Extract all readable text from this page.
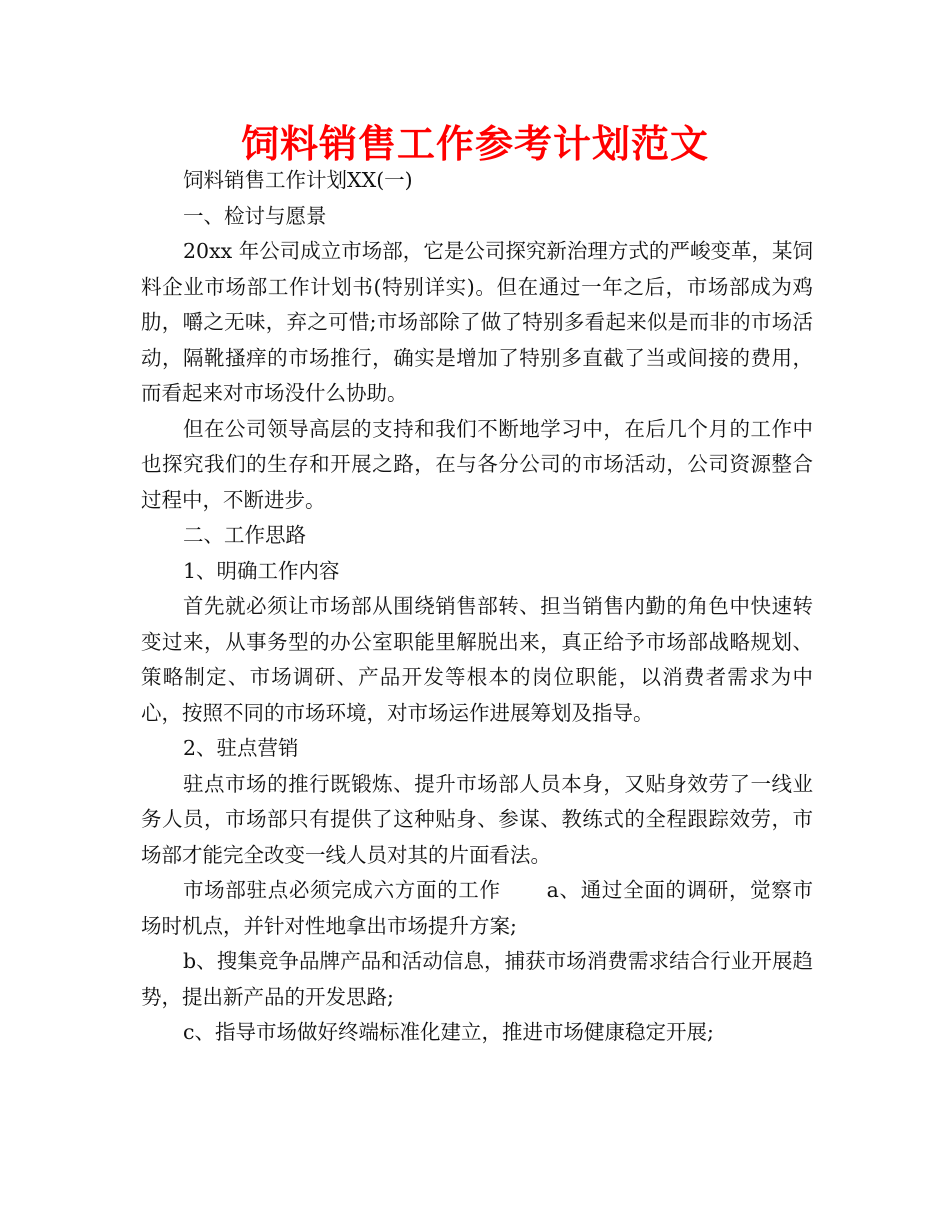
饲料销售工作参考计划范文

饲料销售工作计划XX(一)

一、检讨与愿景

20xx 年公司成立市场部，它是公司探究新治理方式的严峻变革，某饲料企业市场部工作计划书(特别详实)。但在通过一年之后，市场部成为鸡肋，嚼之无味，弃之可惜;市场部除了做了特别多看起来似是而非的市场活动，隔靴搔痒的市场推行，确实是增加了特别多直截了当或间接的费用，而看起来对市场没什么协助。

但在公司领导高层的支持和我们不断地学习中，在后几个月的工作中也探究我们的生存和开展之路，在与各分公司的市场活动，公司资源整合过程中，不断进步。

二、工作思路

1、明确工作内容

首先就必须让市场部从围绕销售部转、担当销售内勤的角色中快速转变过来，从事务型的办公室职能里解脱出来，真正给予市场部战略规划、策略制定、市场调研、产品开发等根本的岗位职能，以消费者需求为中心，按照不同的市场环境，对市场运作进展筹划及指导。

2、驻点营销

驻点市场的推行既锻炼、提升市场部人员本身，又贴身效劳了一线业务人员，市场部只有提供了这种贴身、参谋、教练式的全程跟踪效劳，市场部才能完全改变一线人员对其的片面看法。

市场部驻点必须完成六方面的工作 a、通过全面的调研，觉察市场时机点，并针对性地拿出市场提升方案;

b、搜集竞争品牌产品和活动信息，捕获市场消费需求结合行业开展趋势，提出新产品的开发思路;

c、指导市场做好终端标准化建立，推进市场健康稳定开展;
